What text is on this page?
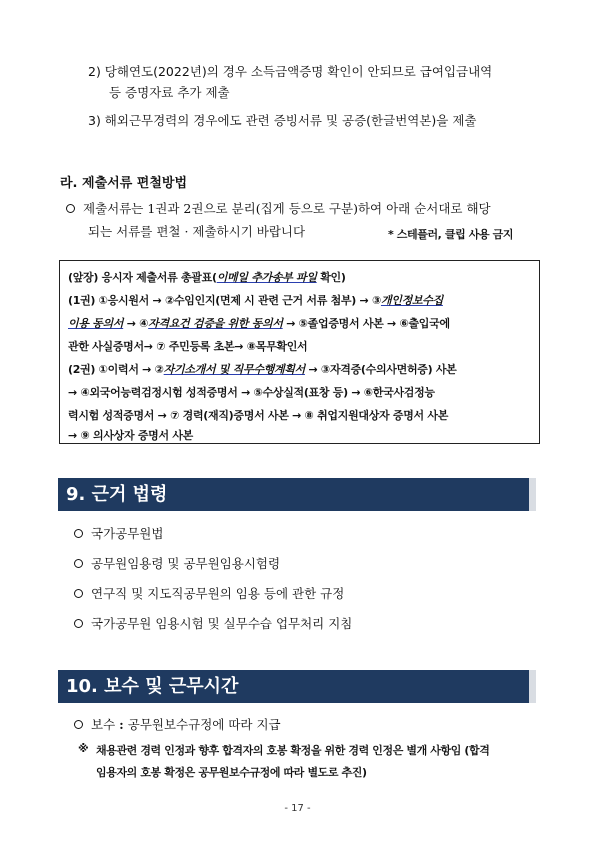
2) 당해연도(2022년)의 경우 소득금액증명 확인이 안되므로 급여입금내역
등 증명자료 추가 제출
3) 해외근무경력의 경우에도 관련 증빙서류 및 공증(한글번역본)을 제출
라. 제출서류 편철방법
제출서류는 1권과 2권으로 분리(집게 등으로 구분)하여 아래 순서대로 해당
되는 서류를 편철 · 제출하시기 바랍니다	* 스테플러, 클립 사용 금지
(앞장) 응시자 제출서류 총괄표(이메일 추가송부 파일 확인)
(1권) ①응시원서 → ②수임인지(면제 시 관련 근거 서류 첨부) → ③개인정보수집
이용 동의서 → ④자격요건 검증을 위한 동의서 → ⑤졸업증명서 사본 → ⑥출입국에
관한 사실증명서→ ⑦ 주민등록 초본→ ⑧목무확인서
(2권) ①이력서 → ②자기소개서 및 직무수행계획서 → ③자격증(수의사면허증) 사본
→ ④외국어능력검정시험 성적증명서 → ⑤수상실적(표창 등) → ⑥한국사검정능
력시험 성적증명서 → ⑦ 경력(재직)증명서 사본 → ⑧ 취업지원대상자 증명서 사본
→ ⑨ 의사상자 증명서 사본
9. 근거 법령
국가공무원법
공무원임용령 및 공무원임용시험령
연구직 및 지도직공무원의 임용 등에 관한 규정
국가공무원 임용시험 및 실무수습 업무처리 지침
10. 보수 및 근무시간
보수 : 공무원보수규정에 따라 지급
※ 채용관련 경력 인정과 향후 합격자의 호봉 확정을 위한 경력 인정은 별개 사항임 (합격
임용자의 호봉 확정은 공무원보수규정에 따라 별도로 추진)
- 17 -
